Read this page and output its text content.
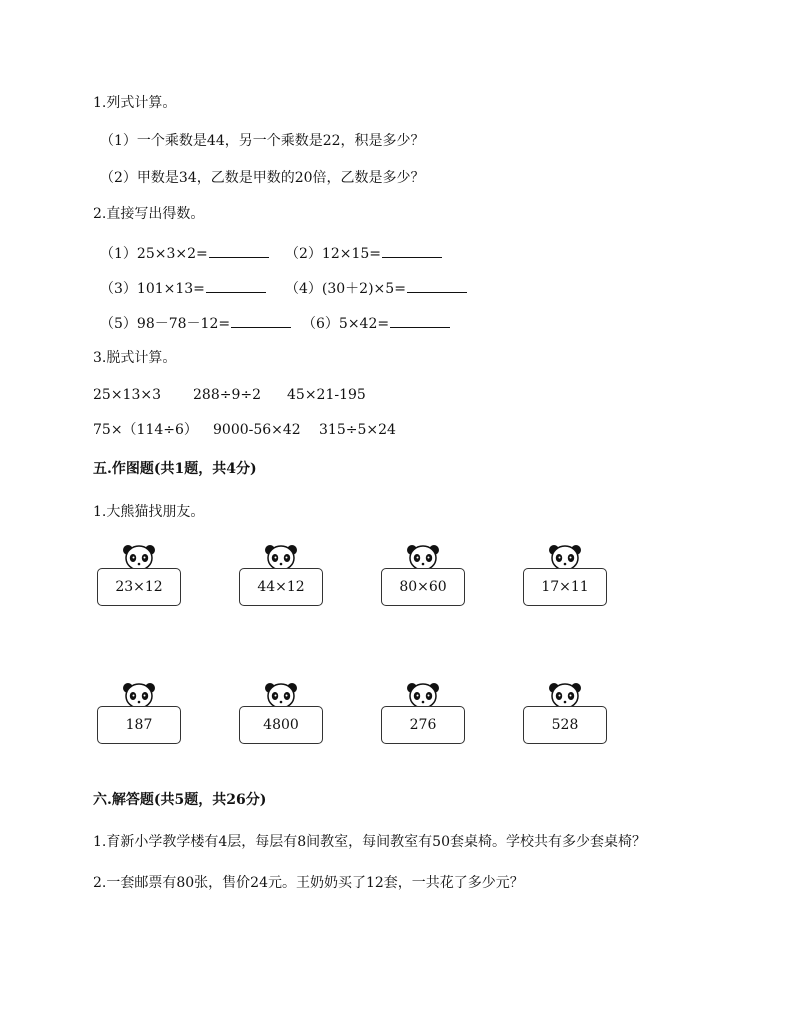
1.列式计算。
（1）一个乘数是44，另一个乘数是22，积是多少？
（2）甲数是34，乙数是甲数的20倍，乙数是多少？
2.直接写出得数。
（1）25×3×2=	（2）12×15=
（3）101×13=	（4）(30＋2)×5=
（5）98－78－12=	（6）5×42=
3.脱式计算。
25×13×3 288÷9÷2 45×21-195
75×（114÷6） 9000-56×42 315÷5×24
五.作图题(共1题，共4分)
1.大熊猫找朋友。
23×12	44×12	80×60	17×11
187	4800	276	528
六.解答题(共5题，共26分)
1.育新小学教学楼有4层，每层有8间教室，每间教室有50套桌椅。学校共有多少套桌椅？
2.一套邮票有80张，售价24元。王奶奶买了12套，一共花了多少元？
